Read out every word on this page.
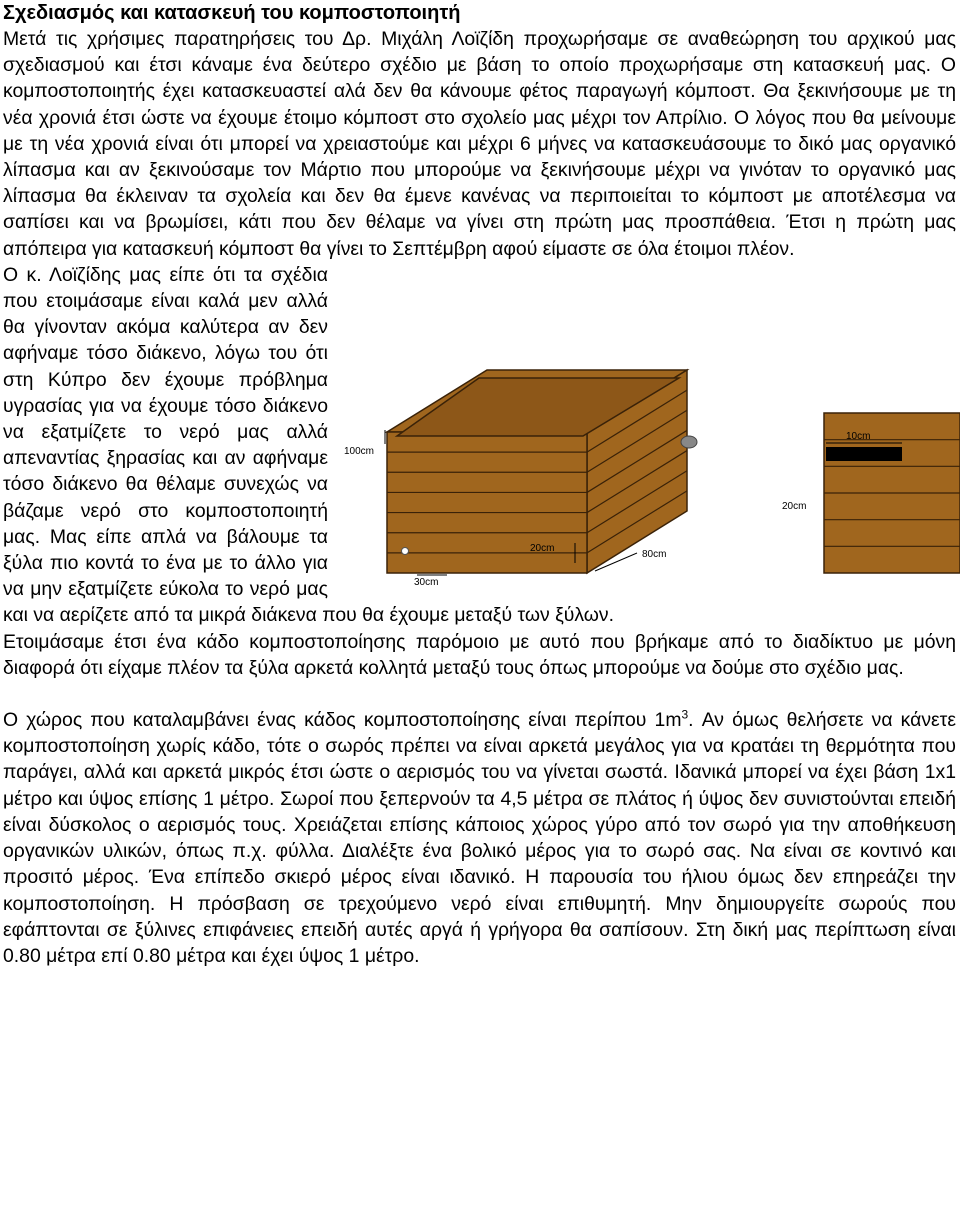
Σχεδιασμός και κατασκευή του κομποστοποιητή

Μετά τις χρήσιμες παρατηρήσεις του Δρ. Μιχάλη Λοϊζίδη προχωρήσαμε σε αναθεώρηση του αρχικού μας σχεδιασμού και έτσι κάναμε ένα δεύτερο σχέδιο με βάση το οποίο προχωρήσαμε στη κατασκευή μας. Ο κομποστοποιητής έχει κατασκευαστεί αλά δεν θα κάνουμε φέτος παραγωγή κόμποστ. Θα ξεκινήσουμε με τη νέα χρονιά έτσι ώστε να έχουμε έτοιμο κόμποστ στο σχολείο μας μέχρι τον Απρίλιο. Ο λόγος που θα μείνουμε με τη νέα χρονιά είναι ότι μπορεί να χρειαστούμε και μέχρι 6 μήνες να κατασκευάσουμε το δικό μας οργανικό λίπασμα και αν ξεκινούσαμε τον Μάρτιο που μπορούμε να ξεκινήσουμε μέχρι να γινόταν το οργανικό μας λίπασμα θα έκλειναν τα σχολεία και δεν θα έμενε κανένας να περιποιείται το κόμποστ με αποτέλεσμα να σαπίσει και να βρωμίσει, κάτι που δεν θέλαμε να γίνει στη πρώτη μας προσπάθεια. Έτσι η πρώτη μας απόπειρα για κατασκευή κόμποστ θα γίνει το Σεπτέμβρη αφού είμαστε σε όλα έτοιμοι πλέον.

100cm
20cm
80cm
30cm
10cm
20cm

Ο κ. Λοϊζίδης μας είπε ότι τα σχέδια που ετοιμάσαμε είναι καλά μεν αλλά θα γίνονταν ακόμα καλύτερα αν δεν αφήναμε τόσο διάκενο, λόγω του ότι στη Κύπρο δεν έχουμε πρόβλημα υγρασίας για να έχουμε τόσο διάκενο να εξατμίζετε το νερό μας αλλά απεναντίας ξηρασίας και αν αφήναμε τόσο διάκενο θα θέλαμε συνεχώς να βάζαμε νερό στο κομποστοποιητή μας. Μας είπε απλά να βάλουμε τα ξύλα πιο κοντά το ένα με το άλλο για να μην εξατμίζετε εύκολα το νερό μας και να αερίζετε από τα μικρά διάκενα που θα έχουμε μεταξύ των ξύλων.

Ετοιμάσαμε έτσι ένα κάδο κομποστοποίησης παρόμοιο με αυτό που βρήκαμε από το διαδίκτυο με μόνη διαφορά ότι είχαμε πλέον τα ξύλα αρκετά κολλητά μεταξύ τους όπως μπορούμε να δούμε στο σχέδιο μας.

Ο χώρος που καταλαμβάνει ένας κάδος κομποστοποίησης είναι περίπου $1m^3$. Αν όμως θελήσετε να κάνετε κομποστοποίηση χωρίς κάδο, τότε ο σωρός πρέπει να είναι αρκετά μεγάλος για να κρατάει τη θερμότητα που παράγει, αλλά και αρκετά μικρός έτσι ώστε ο αερισμός του να γίνεται σωστά. Ιδανικά μπορεί να έχει βάση 1x1 μέτρο και ύψος επίσης 1 μέτρο. Σωροί που ξεπερνούν τα 4,5 μέτρα σε πλάτος ή ύψος δεν συνιστούνται επειδή είναι δύσκολος ο αερισμός τους. Χρειάζεται επίσης κάποιος χώρος γύρο από τον σωρό για την αποθήκευση οργανικών υλικών, όπως π.χ. φύλλα. Διαλέξτε ένα βολικό μέρος για το σωρό σας. Να είναι σε κοντινό και προσιτό μέρος. Ένα επίπεδο σκιερό μέρος είναι ιδανικό. Η παρουσία του ήλιου όμως δεν επηρεάζει την κομποστοποίηση. Η πρόσβαση σε τρεχούμενο νερό είναι επιθυμητή. Μην δημιουργείτε σωρούς που εφάπτονται σε ξύλινες επιφάνειες επειδή αυτές αργά ή γρήγορα θα σαπίσουν. Στη δική μας περίπτωση είναι 0.80 μέτρα επί 0.80 μέτρα και έχει ύψος 1 μέτρο.
